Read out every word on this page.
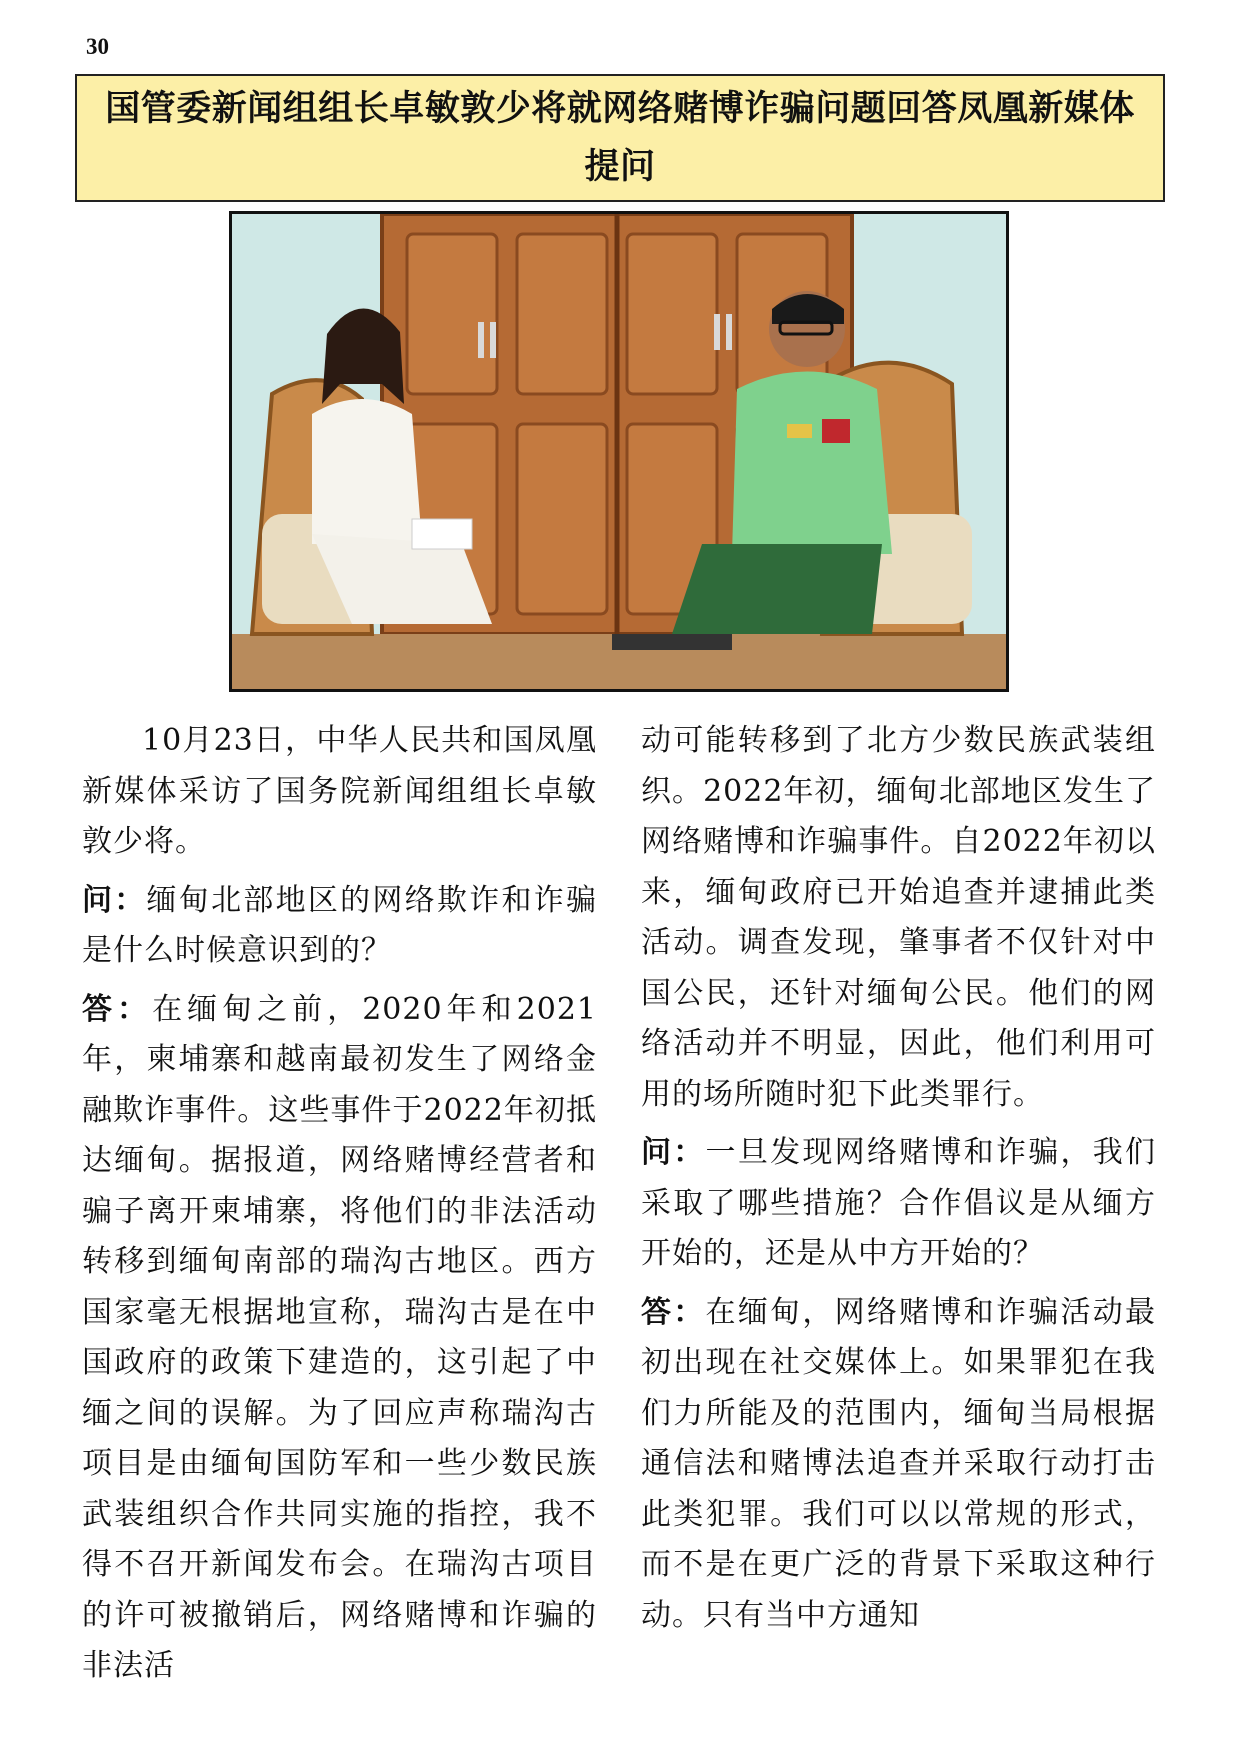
30
国管委新闻组组长卓敏敦少将就网络赌博诈骗问题回答凤凰新媒体提问

10月23日，中华人民共和国凤凰新媒体采访了国务院新闻组组长卓敏敦少将。

问：缅甸北部地区的网络欺诈和诈骗是什么时候意识到的？

答：在缅甸之前，2020年和2021年，柬埔寨和越南最初发生了网络金融欺诈事件。这些事件于2022年初抵达缅甸。据报道，网络赌博经营者和骗子离开柬埔寨，将他们的非法活动转移到缅甸南部的瑞沟古地区。西方国家毫无根据地宣称，瑞沟古是在中国政府的政策下建造的，这引起了中缅之间的误解。为了回应声称瑞沟古项目是由缅甸国防军和一些少数民族武装组织合作共同实施的指控，我不得不召开新闻发布会。在瑞沟古项目的许可被撤销后，网络赌博和诈骗的非法活

动可能转移到了北方少数民族武装组织。2022年初，缅甸北部地区发生了网络赌博和诈骗事件。自2022年初以来，缅甸政府已开始追查并逮捕此类活动。调查发现，肇事者不仅针对中国公民，还针对缅甸公民。他们的网络活动并不明显，因此，他们利用可用的场所随时犯下此类罪行。

问：一旦发现网络赌博和诈骗，我们采取了哪些措施？合作倡议是从缅方开始的，还是从中方开始的？

答：在缅甸，网络赌博和诈骗活动最初出现在社交媒体上。如果罪犯在我们力所能及的范围内，缅甸当局根据通信法和赌博法追查并采取行动打击此类犯罪。我们可以以常规的形式，而不是在更广泛的背景下采取这种行动。只有当中方通知
